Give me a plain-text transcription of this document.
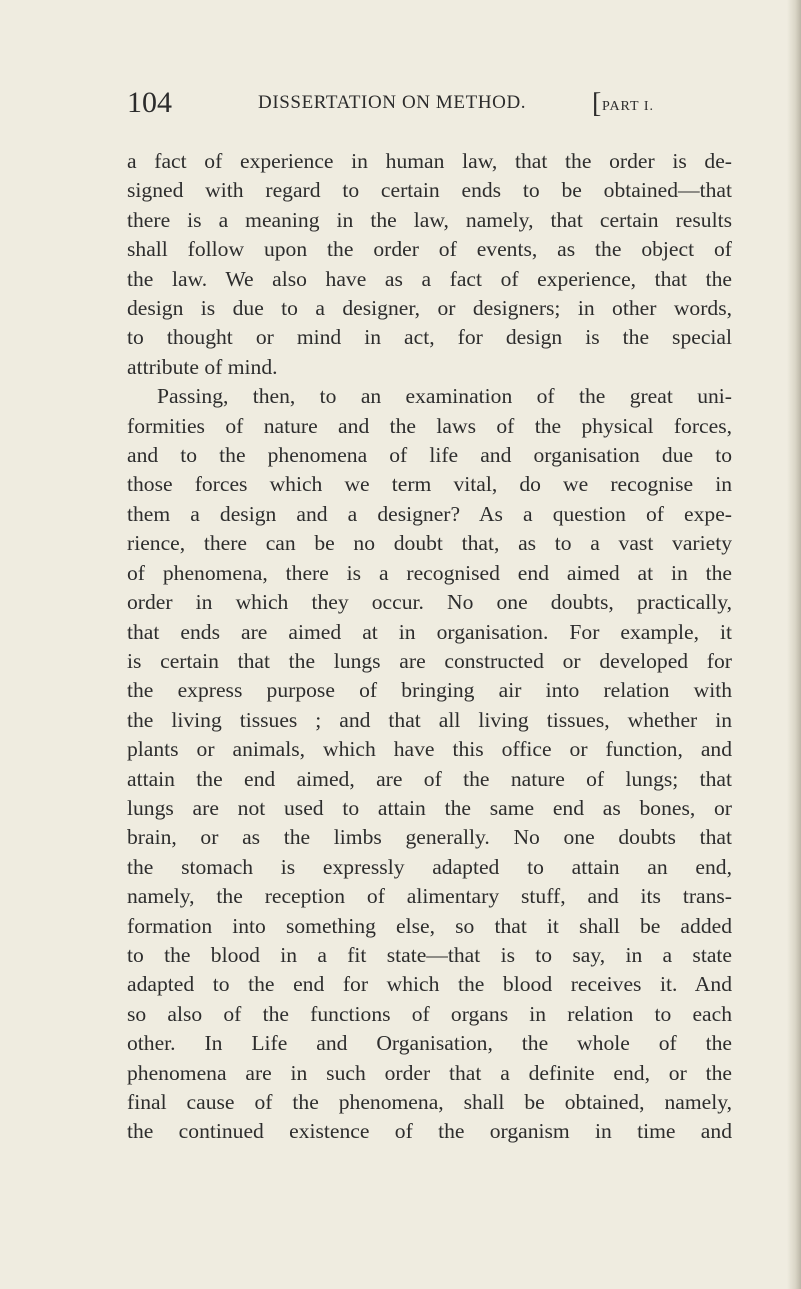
104	DISSERTATION ON METHOD. [PART I.
a fact of experience in human law, that the order is de-
signed with regard to certain ends to be obtained—that
there is a meaning in the law, namely, that certain results
shall follow upon the order of events, as the object of
the law. We also have as a fact of experience, that the
design is due to a designer, or designers; in other words,
to thought or mind in act, for design is the special
attribute of mind.
Passing, then, to an examination of the great uni-
formities of nature and the laws of the physical forces,
and to the phenomena of life and organisation due to
those forces which we term vital, do we recognise in
them a design and a designer? As a question of expe-
rience, there can be no doubt that, as to a vast variety
of phenomena, there is a recognised end aimed at in the
order in which they occur. No one doubts, practically,
that ends are aimed at in organisation. For example, it
is certain that the lungs are constructed or developed for
the express purpose of bringing air into relation with
the living tissues ; and that all living tissues, whether in
plants or animals, which have this office or function, and
attain the end aimed, are of the nature of lungs; that
lungs are not used to attain the same end as bones, or
brain, or as the limbs generally. No one doubts that
the stomach is expressly adapted to attain an end,
namely, the reception of alimentary stuff, and its trans-
formation into something else, so that it shall be added
to the blood in a fit state—that is to say, in a state
adapted to the end for which the blood receives it. And
so also of the functions of organs in relation to each
other. In Life and Organisation, the whole of the
phenomena are in such order that a definite end, or the
final cause of the phenomena, shall be obtained, namely,
the continued existence of the organism in time and
